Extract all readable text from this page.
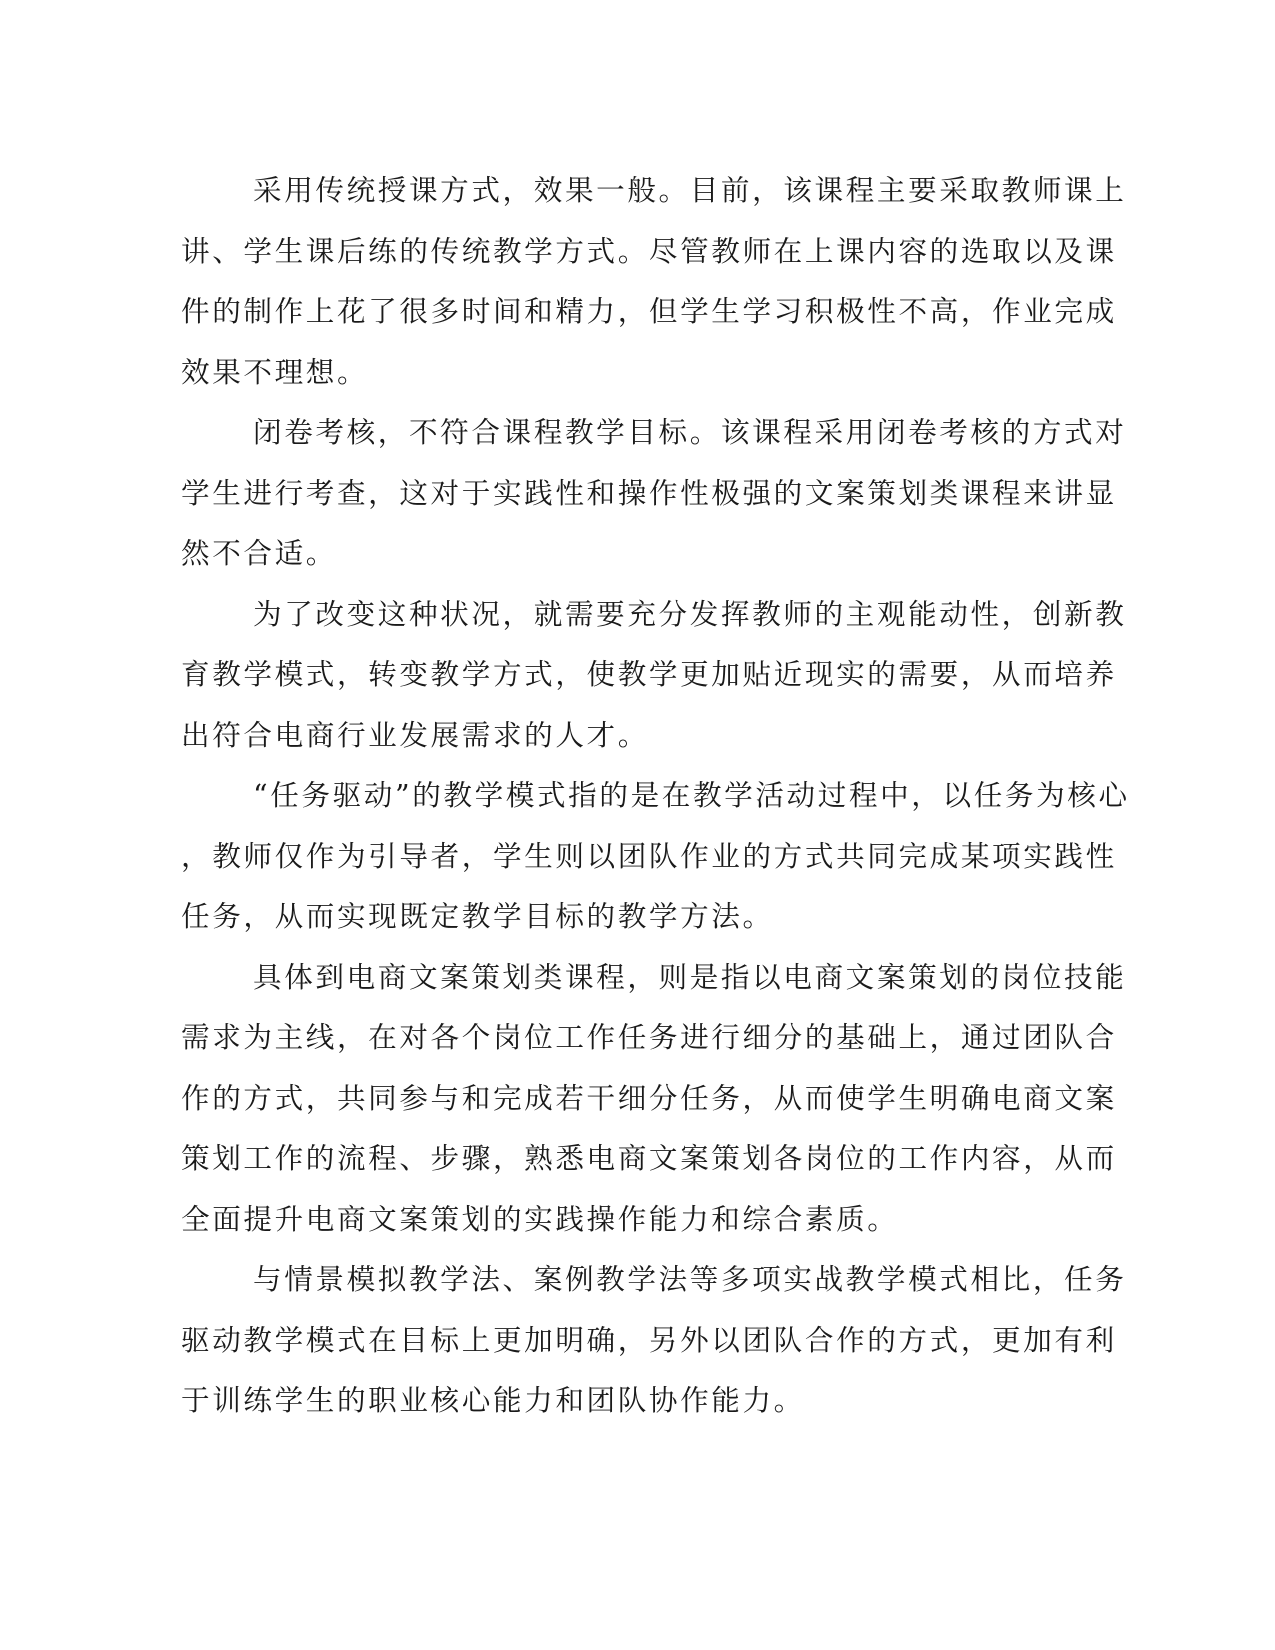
采用传统授课方式，效果一般。目前，该课程主要采取教师课上
讲、学生课后练的传统教学方式。尽管教师在上课内容的选取以及课
件的制作上花了很多时间和精力，但学生学习积极性不高，作业完成
效果不理想。

闭卷考核，不符合课程教学目标。该课程采用闭卷考核的方式对
学生进行考查，这对于实践性和操作性极强的文案策划类课程来讲显
然不合适。

为了改变这种状况，就需要充分发挥教师的主观能动性，创新教
育教学模式，转变教学方式，使教学更加贴近现实的需要，从而培养
出符合电商行业发展需求的人才。

“任务驱动”的教学模式指的是在教学活动过程中，以任务为核心
，教师仅作为引导者，学生则以团队作业的方式共同完成某项实践性
任务，从而实现既定教学目标的教学方法。

具体到电商文案策划类课程，则是指以电商文案策划的岗位技能
需求为主线，在对各个岗位工作任务进行细分的基础上，通过团队合
作的方式，共同参与和完成若干细分任务，从而使学生明确电商文案
策划工作的流程、步骤，熟悉电商文案策划各岗位的工作内容，从而
全面提升电商文案策划的实践操作能力和综合素质。

与情景模拟教学法、案例教学法等多项实战教学模式相比，任务
驱动教学模式在目标上更加明确，另外以团队合作的方式，更加有利
于训练学生的职业核心能力和团队协作能力。
